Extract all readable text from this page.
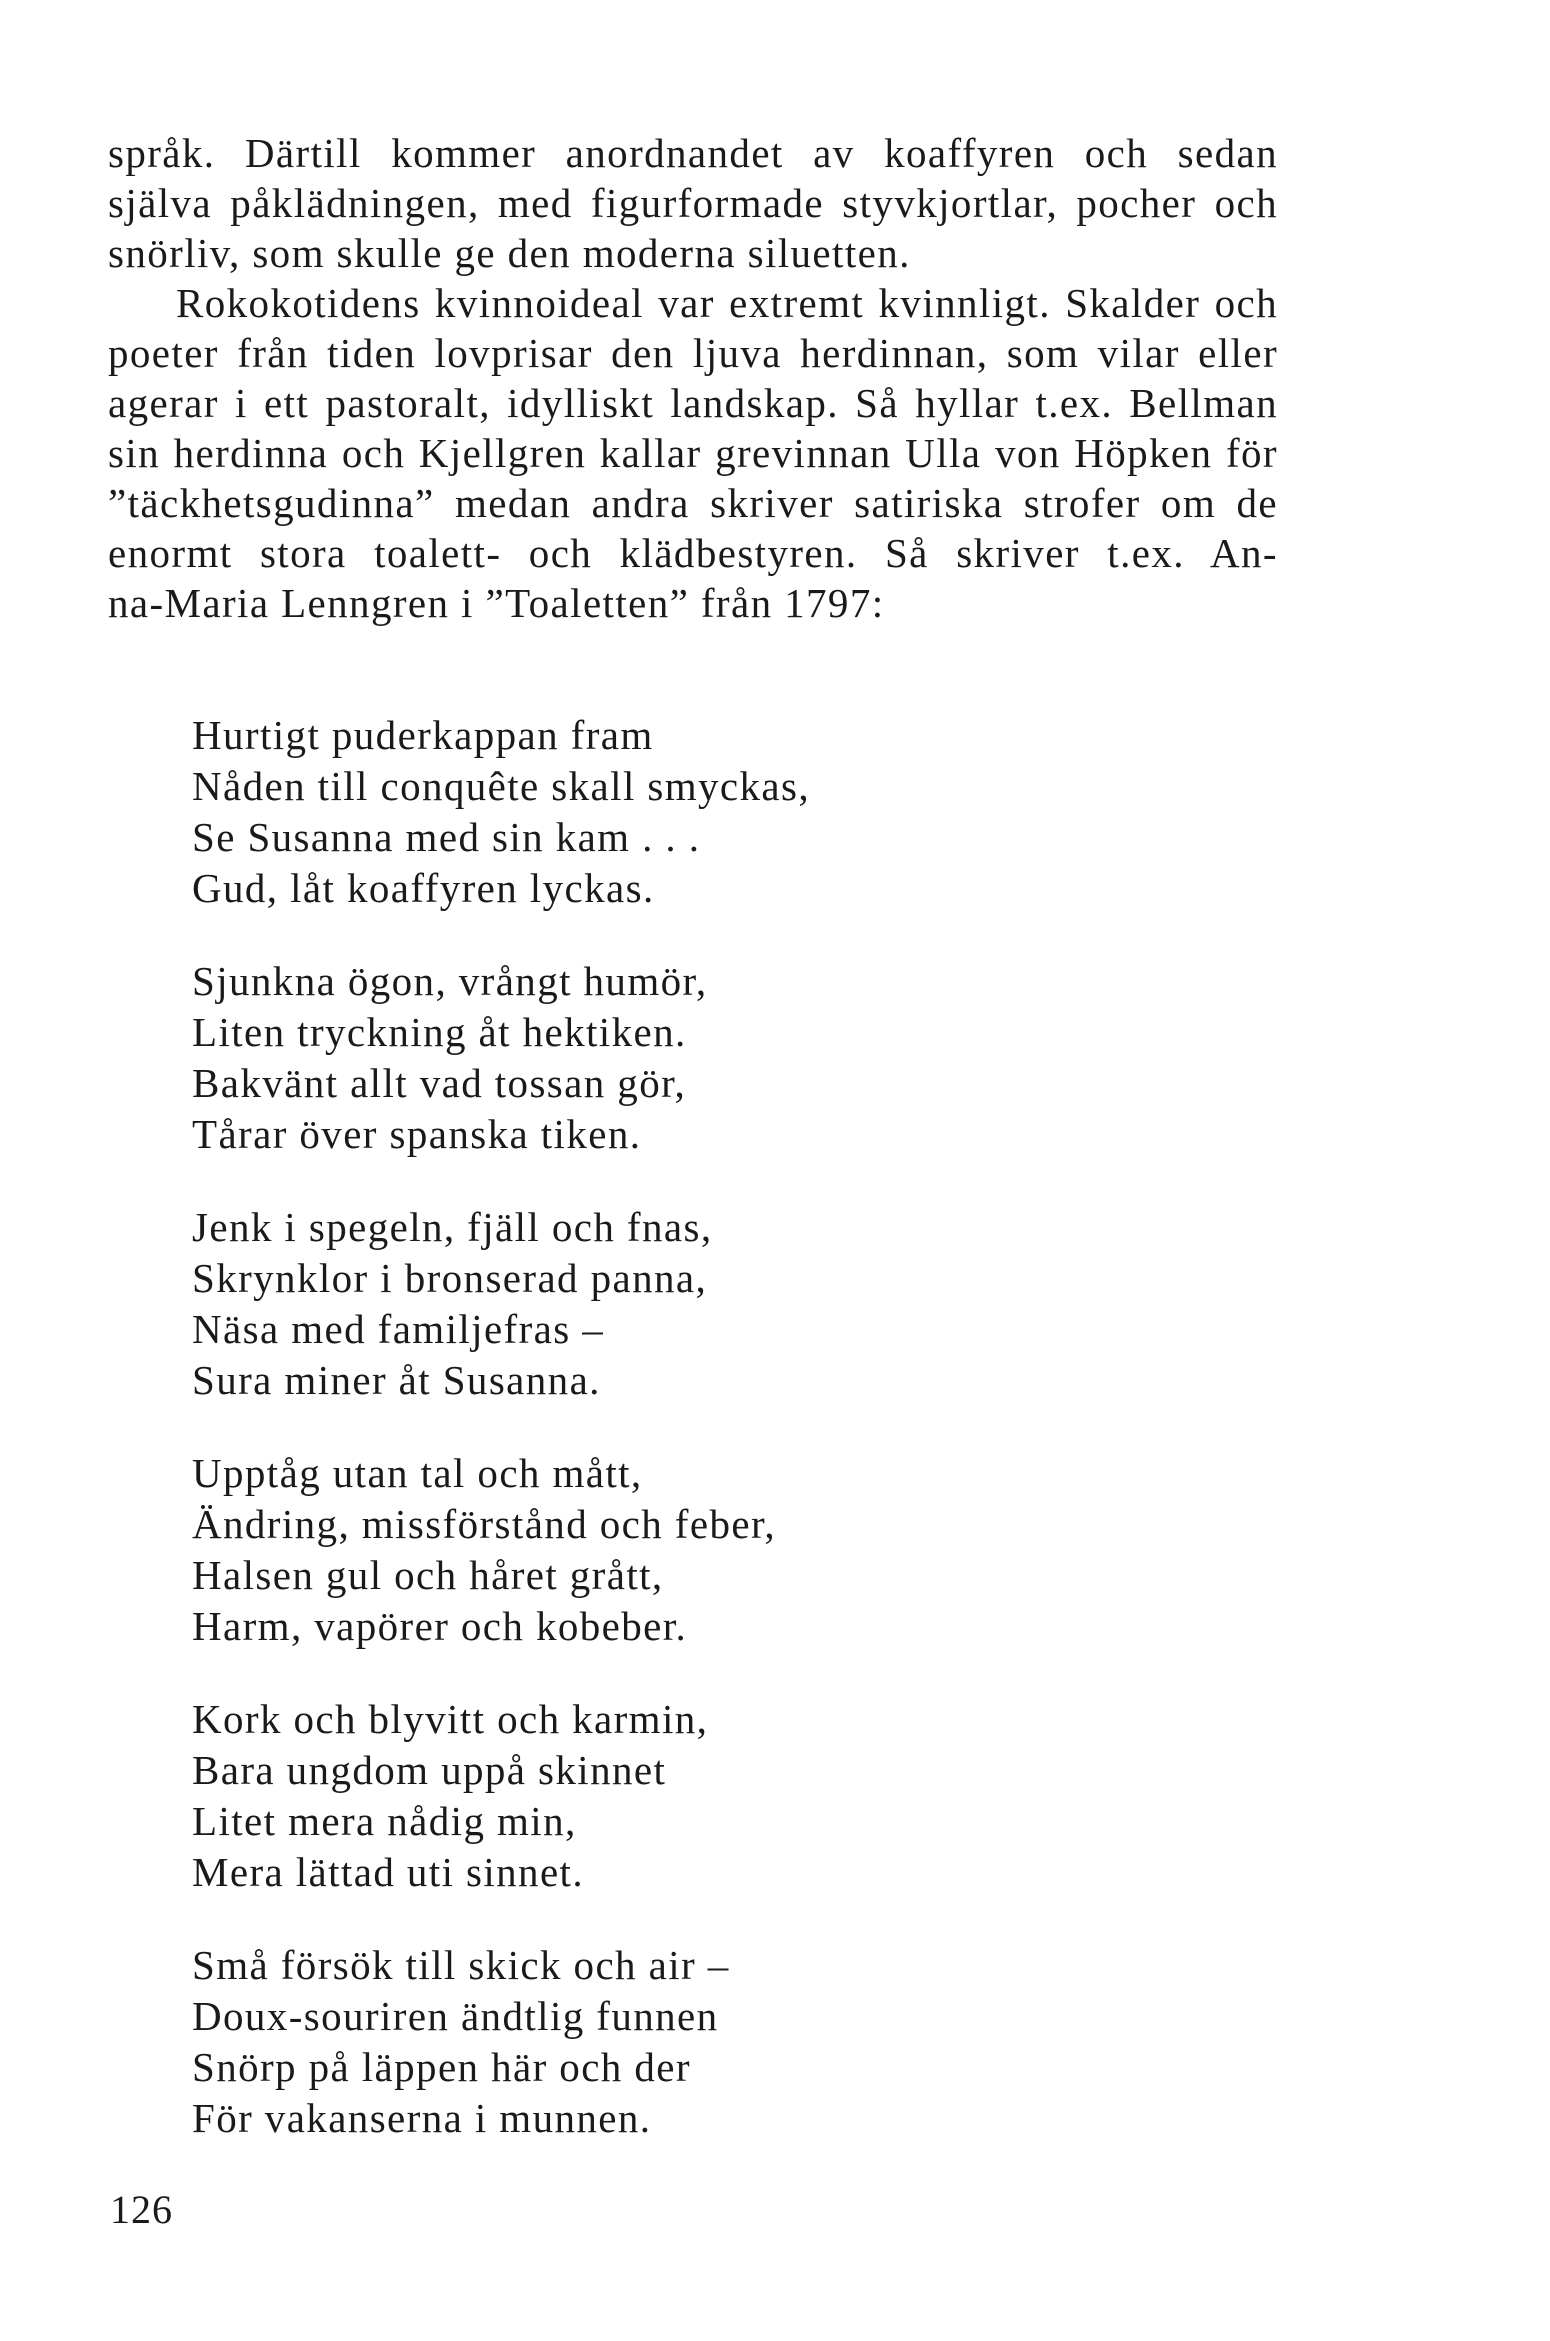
språk. Därtill kommer anordnandet av koaffyren och sedan
själva påklädningen, med figurformade styvkjortlar, pocher och
snörliv, som skulle ge den moderna siluetten.
Rokokotidens kvinnoideal var extremt kvinnligt. Skalder och
poeter från tiden lovprisar den ljuva herdinnan, som vilar eller
agerar i ett pastoralt, idylliskt landskap. Så hyllar t.ex. Bellman
sin herdinna och Kjellgren kallar grevinnan Ulla von Höpken för
”täckhetsgudinna” medan andra skriver satiriska strofer om de
enormt stora toalett- och klädbestyren. Så skriver t.ex. An-
na-Maria Lenngren i ”Toaletten” från 1797:
Hurtigt puderkappan fram
Nåden till conquête skall smyckas,
Se Susanna med sin kam . . .
Gud, låt koaffyren lyckas.
Sjunkna ögon, vrångt humör,
Liten tryckning åt hektiken.
Bakvänt allt vad tossan gör,
Tårar över spanska tiken.
Jenk i spegeln, fjäll och fnas,
Skrynklor i bronserad panna,
Näsa med familjefras –
Sura miner åt Susanna.
Upptåg utan tal och mått,
Ändring, missförstånd och feber,
Halsen gul och håret grått,
Harm, vapörer och kobeber.
Kork och blyvitt och karmin,
Bara ungdom uppå skinnet
Litet mera nådig min,
Mera lättad uti sinnet.
Små försök till skick och air –
Doux-souriren ändtlig funnen
Snörp på läppen här och der
För vakanserna i munnen.
126
